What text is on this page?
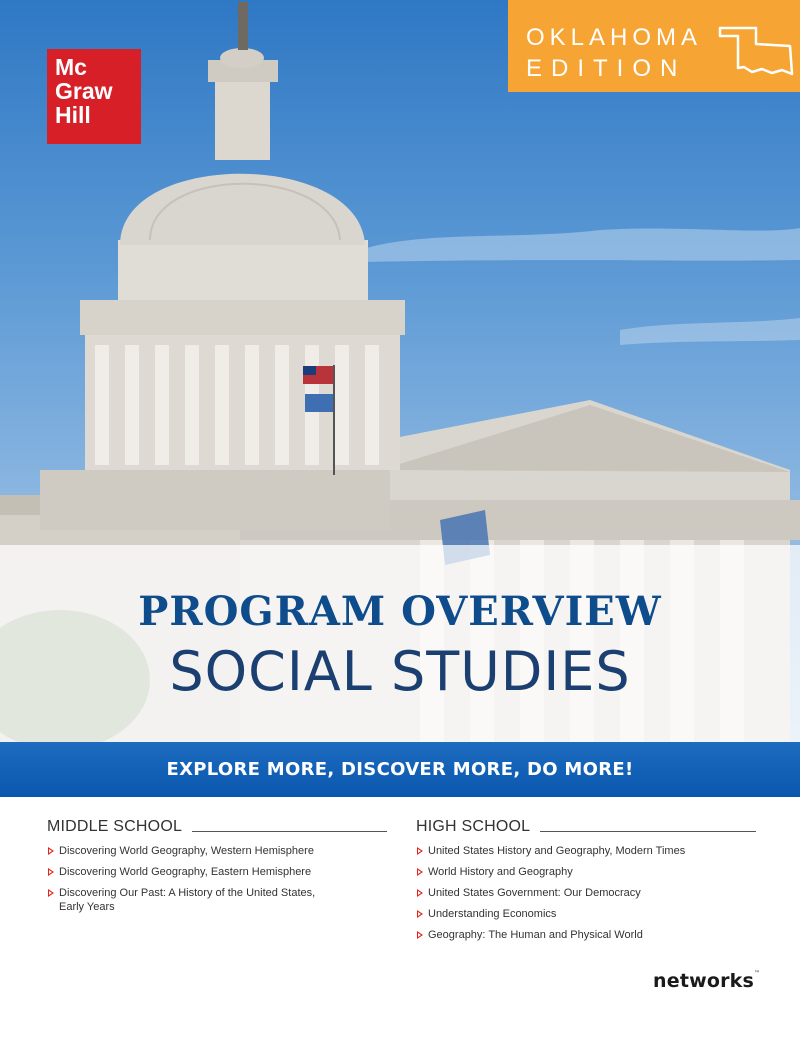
Mc
Graw
Hill
OKLAHOMA
EDITION
PROGRAM OVERVIEW
SOCIAL STUDIES
EXPLORE MORE, DISCOVER MORE, DO MORE!
MIDDLE SCHOOL
Discovering World Geography, Western Hemisphere
Discovering World Geography, Eastern Hemisphere
Discovering Our Past: A History of the United States, Early Years
HIGH SCHOOL
United States History and Geography, Modern Times
World History and Geography
United States Government: Our Democracy
Understanding Economics
Geography: The Human and Physical World
networks™
